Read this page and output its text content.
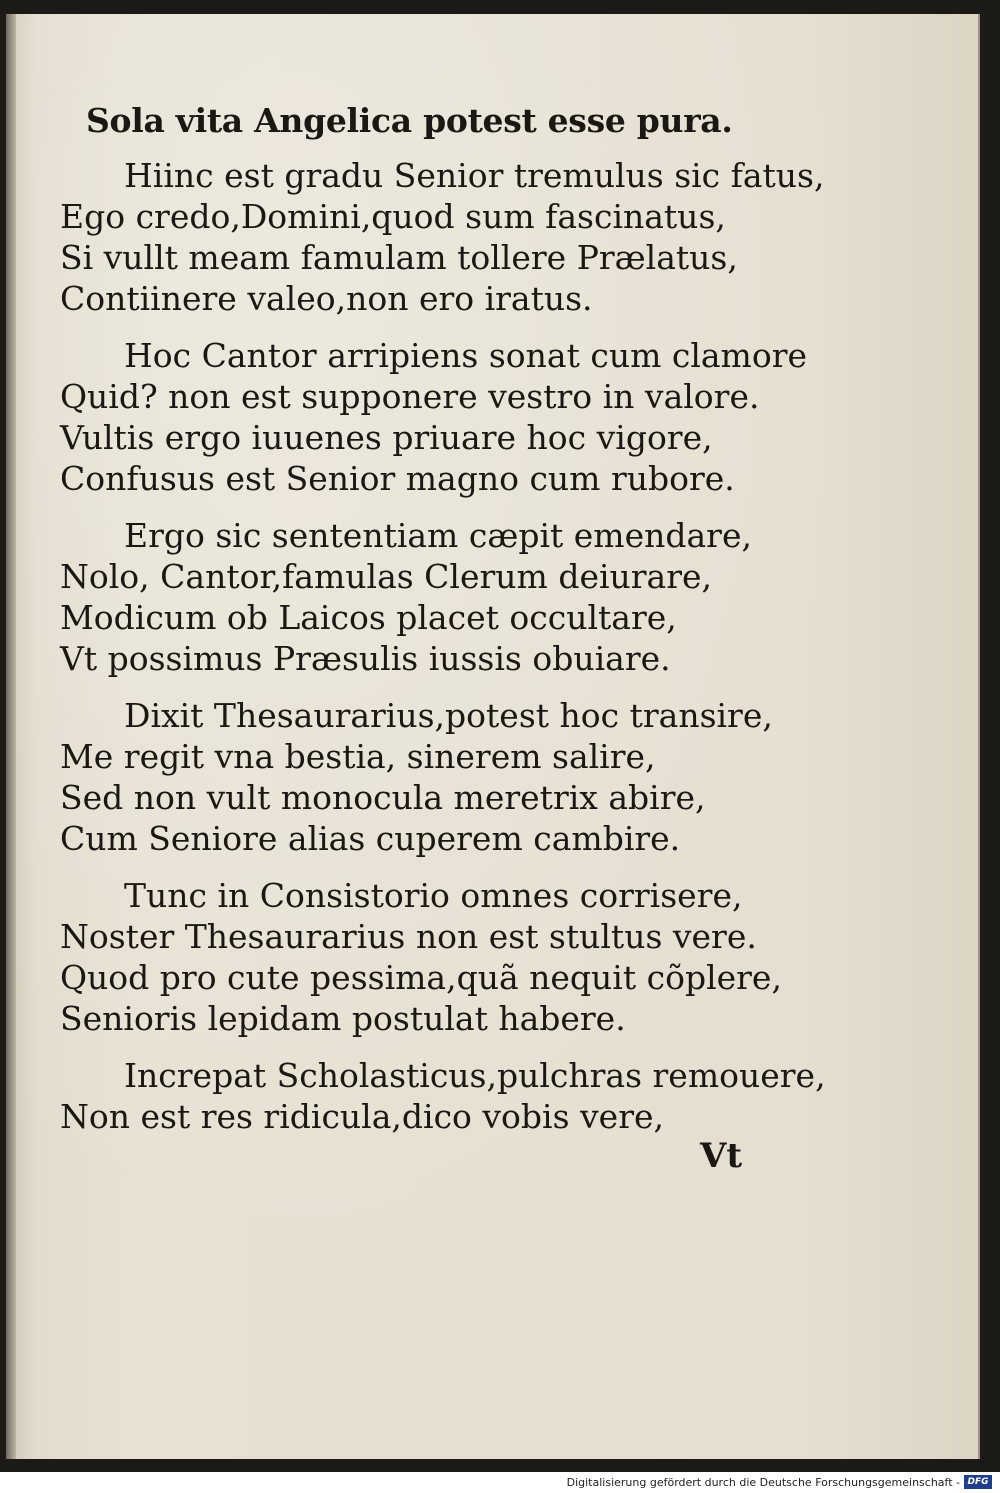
Sola vita Angelica potest esse pura.
Hiinc est gradu Senior tremulus sic fatus,
Ego credo,Domini,quod sum fascinatus,
Si vullt meam famulam tollere Prælatus,
Contiinere valeo,non ero iratus.
Hoc Cantor arripiens sonat cum clamore
Quid? non est supponere vestro in valore.
Vultis ergo iuuenes priuare hoc vigore,
Confusus est Senior magno cum rubore.
Ergo sic sententiam cæpit emendare,
Nolo, Cantor,famulas Clerum deiurare,
Modicum ob Laicos placet occultare,
Vt possimus Præsulis iussis obuiare.
Dixit Thesaurarius,potest hoc transire,
Me regit vna bestia, sinerem salire,
Sed non vult monocula meretrix abire,
Cum Seniore alias cuperem cambire.
Tunc in Consistorio omnes corrisere,
Noster Thesaurarius non est stultus vere.
Quod pro cute pessima,quã nequit cõplere,
Senioris lepidam postulat habere.
Increpat Scholasticus,pulchras remouere,
Non est res ridicula,dico vobis vere,
Vt
Digitalisierung gefördert durch die Deutsche Forschungsgemeinschaft - DFG
